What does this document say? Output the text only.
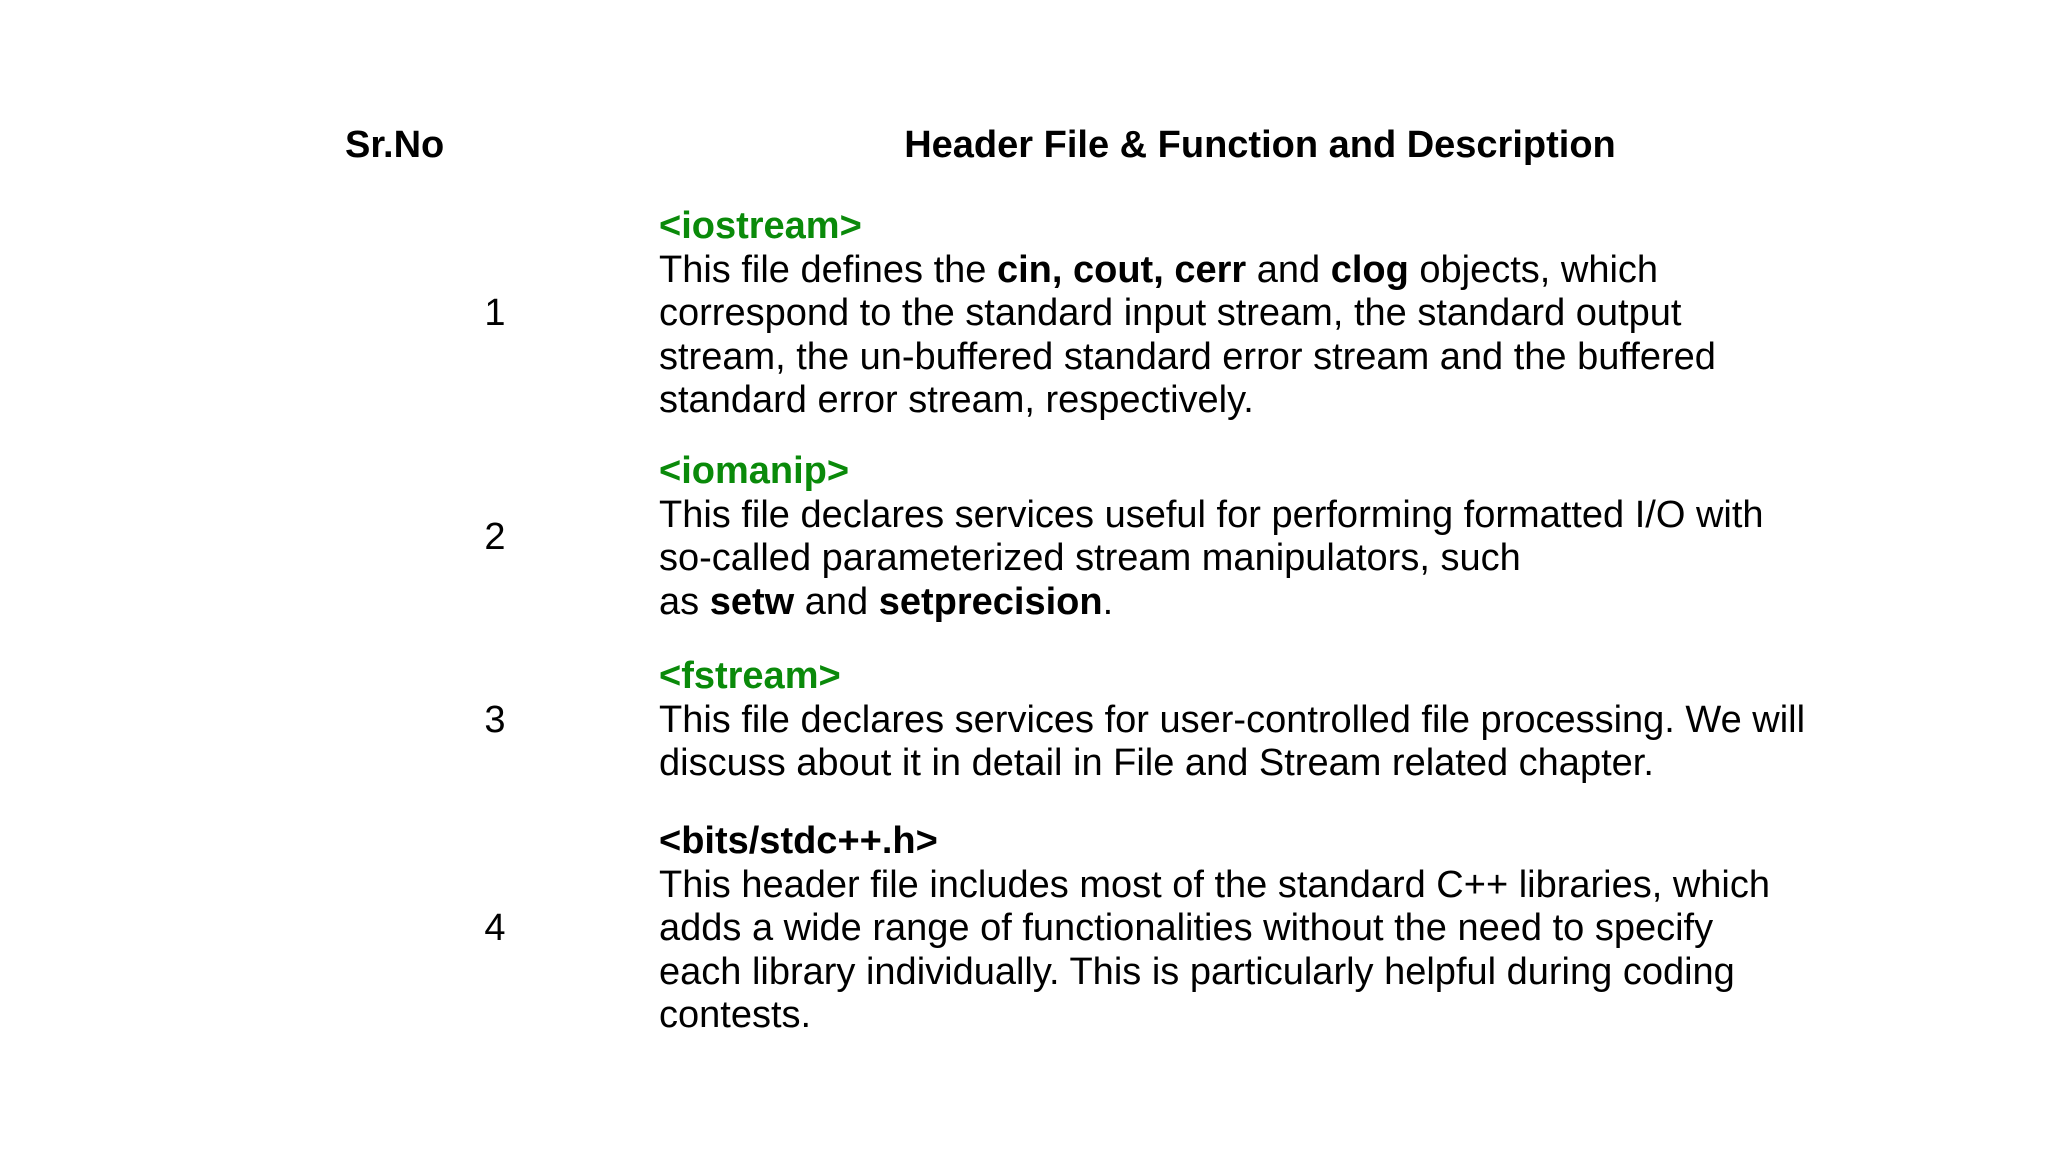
Sr.No	Header File & Function and Description
1
<iostream>
This file defines the cin, cout, cerr and clog objects, which
correspond to the standard input stream, the standard output
stream, the un-buffered standard error stream and the buffered
standard error stream, respectively.
2
<iomanip>
This file declares services useful for performing formatted I/O with
so-called parameterized stream manipulators, such
as setw and setprecision.
3
<fstream>
This file declares services for user-controlled file processing. We will
discuss about it in detail in File and Stream related chapter.
4
<bits/stdc++.h>
This header file includes most of the standard C++ libraries, which
adds a wide range of functionalities without the need to specify
each library individually. This is particularly helpful during coding
contests.
